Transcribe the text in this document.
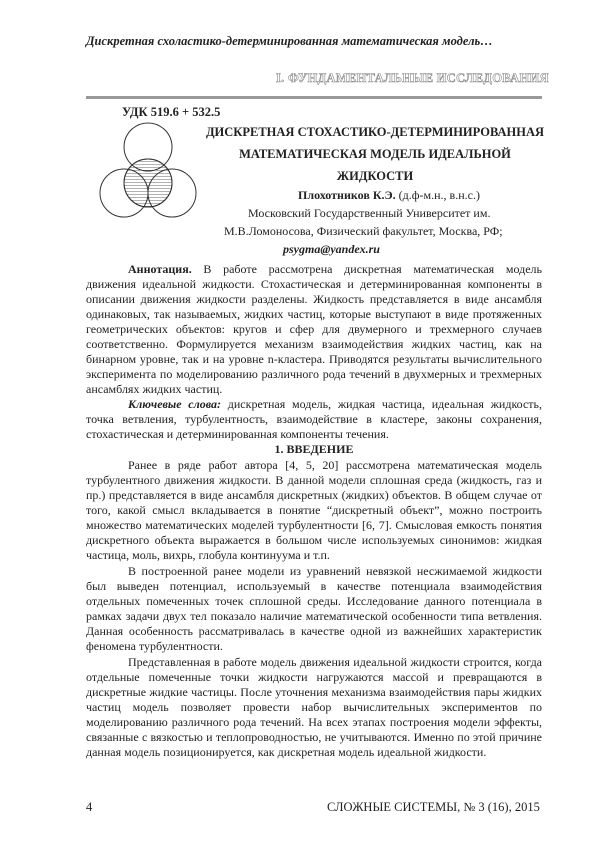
Дискретная схоластико-детерминированная математическая модель…
I. ФУНДАМЕНТАЛЬНЫЕ ИССЛЕДОВАНИЯ
УДК 519.6 + 532.5
ДИСКРЕТНАЯ СТОХАСТИКО-ДЕТЕРМИНИРОВАННАЯ
МАТЕМАТИЧЕСКАЯ МОДЕЛЬ ИДЕАЛЬНОЙ
ЖИДКОСТИ
Плохотников К.Э. (д.ф-м.н., в.н.с.)
Московский Государственный Университет им.
М.В.Ломоносова, Физический факультет, Москва, РФ;
psygma@yandex.ru

Аннотация. В работе рассмотрена дискретная математическая модель движения идеальной жидкости. Стохастическая и детерминированная компоненты в описании движения жидкости разделены. Жидкость представляется в виде ансамбля одинаковых, так называемых, жидких частиц, которые выступают в виде протяженных геометрических объектов: кругов и сфер для двумерного и трехмерного случаев соответственно. Формулируется механизм взаимодействия жидких частиц, как на бинарном уровне, так и на уровне n-кластера. Приводятся результаты вычислительного эксперимента по моделированию различного рода течений в двухмерных и трехмерных ансамблях жидких частиц.

Ключевые слова: дискретная модель, жидкая частица, идеальная жидкость, точка ветвления, турбулентность, взаимодействие в кластере, законы сохранения, стохастическая и детерминированная компоненты течения.

1. ВВЕДЕНИЕ

Ранее в ряде работ автора [4, 5, 20] рассмотрена математическая модель турбулентного движения жидкости. В данной модели сплошная среда (жидкость, газ и пр.) представляется в виде ансамбля дискретных (жидких) объектов. В общем случае от того, какой смысл вкладывается в понятие “дискретный объект”, можно построить множество математических моделей турбулентности [6, 7]. Смысловая емкость понятия дискретного объекта выражается в большом числе используемых синонимов: жидкая частица, моль, вихрь, глобула континуума и т.п.

В построенной ранее модели из уравнений невязкой несжимаемой жидкости был выведен потенциал, используемый в качестве потенциала взаимодействия отдельных помеченных точек сплошной среды. Исследование данного потенциала в рамках задачи двух тел показало наличие математической особенности типа ветвления. Данная особенность рассматривалась в качестве одной из важнейших характеристик феномена турбулентности.

Представленная в работе модель движения идеальной жидкости строится, когда отдельные помеченные точки жидкости нагружаются массой и превращаются в дискретные жидкие частицы. После уточнения механизма взаимодействия пары жидких частиц модель позволяет провести набор вычислительных экспериментов по моделированию различного рода течений. На всех этапах построения модели эффекты, связанные с вязкостью и теплопроводностью, не учитываются. Именно по этой причине данная модель позиционируется, как дискретная модель идеальной жидкости.

4	СЛОЖНЫЕ СИСТЕМЫ, № 3 (16), 2015
